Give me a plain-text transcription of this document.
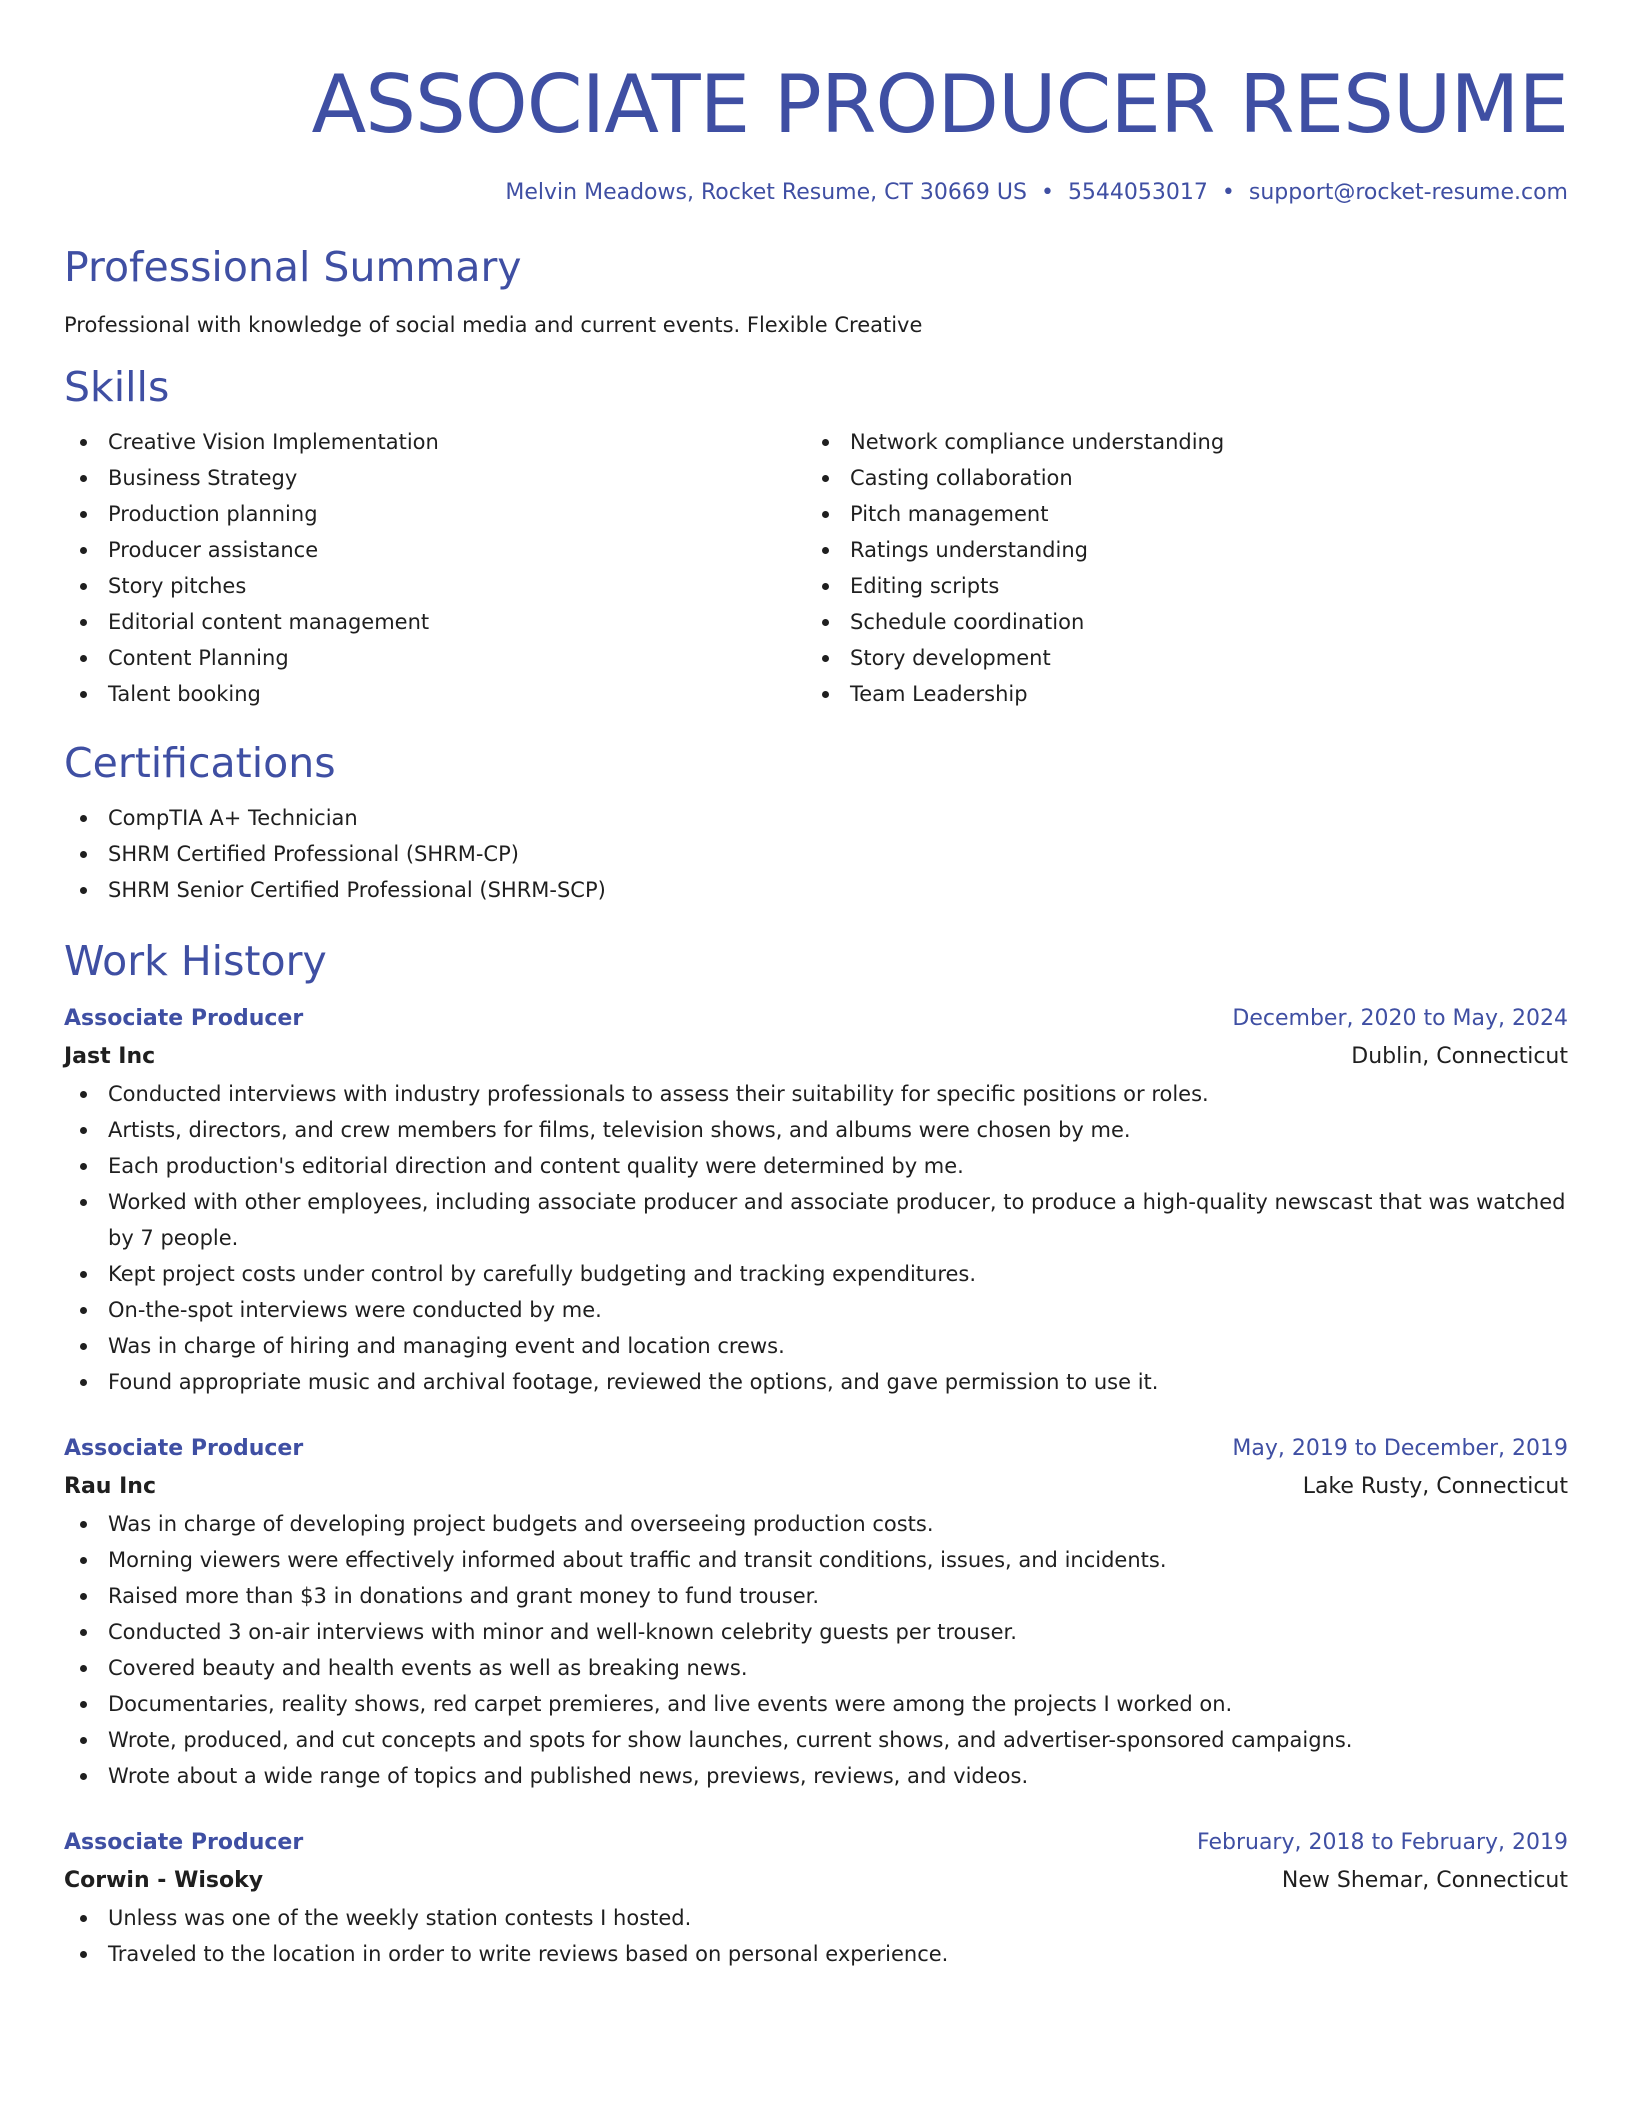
ASSOCIATE PRODUCER RESUME
Melvin Meadows, Rocket Resume, CT 30669 US • 5544053017 • support@rocket-resume.com
Professional Summary

Professional with knowledge of social media and current events. Flexible Creative

Skills
Creative Vision Implementation
Business Strategy
Production planning
Producer assistance
Story pitches
Editorial content management
Content Planning
Talent booking
Network compliance understanding
Casting collaboration
Pitch management
Ratings understanding
Editing scripts
Schedule coordination
Story development
Team Leadership
Certifications
CompTIA A+ Technician
SHRM Certified Professional (SHRM-CP)
SHRM Senior Certified Professional (SHRM-SCP)
Work History
Associate Producer	December, 2020 to May, 2024
Jast Inc	Dublin, Connecticut
Conducted interviews with industry professionals to assess their suitability for specific positions or roles.
Artists, directors, and crew members for films, television shows, and albums were chosen by me.
Each production's editorial direction and content quality were determined by me.
Worked with other employees, including associate producer and associate producer, to produce a high-quality newscast that was watched by 7 people.
Kept project costs under control by carefully budgeting and tracking expenditures.
On-the-spot interviews were conducted by me.
Was in charge of hiring and managing event and location crews.
Found appropriate music and archival footage, reviewed the options, and gave permission to use it.
Associate Producer	May, 2019 to December, 2019
Rau Inc	Lake Rusty, Connecticut
Was in charge of developing project budgets and overseeing production costs.
Morning viewers were effectively informed about traffic and transit conditions, issues, and incidents.
Raised more than $3 in donations and grant money to fund trouser.
Conducted 3 on-air interviews with minor and well-known celebrity guests per trouser.
Covered beauty and health events as well as breaking news.
Documentaries, reality shows, red carpet premieres, and live events were among the projects I worked on.
Wrote, produced, and cut concepts and spots for show launches, current shows, and advertiser-sponsored campaigns.
Wrote about a wide range of topics and published news, previews, reviews, and videos.
Associate Producer	February, 2018 to February, 2019
Corwin - Wisoky	New Shemar, Connecticut
Unless was one of the weekly station contests I hosted.
Traveled to the location in order to write reviews based on personal experience.
